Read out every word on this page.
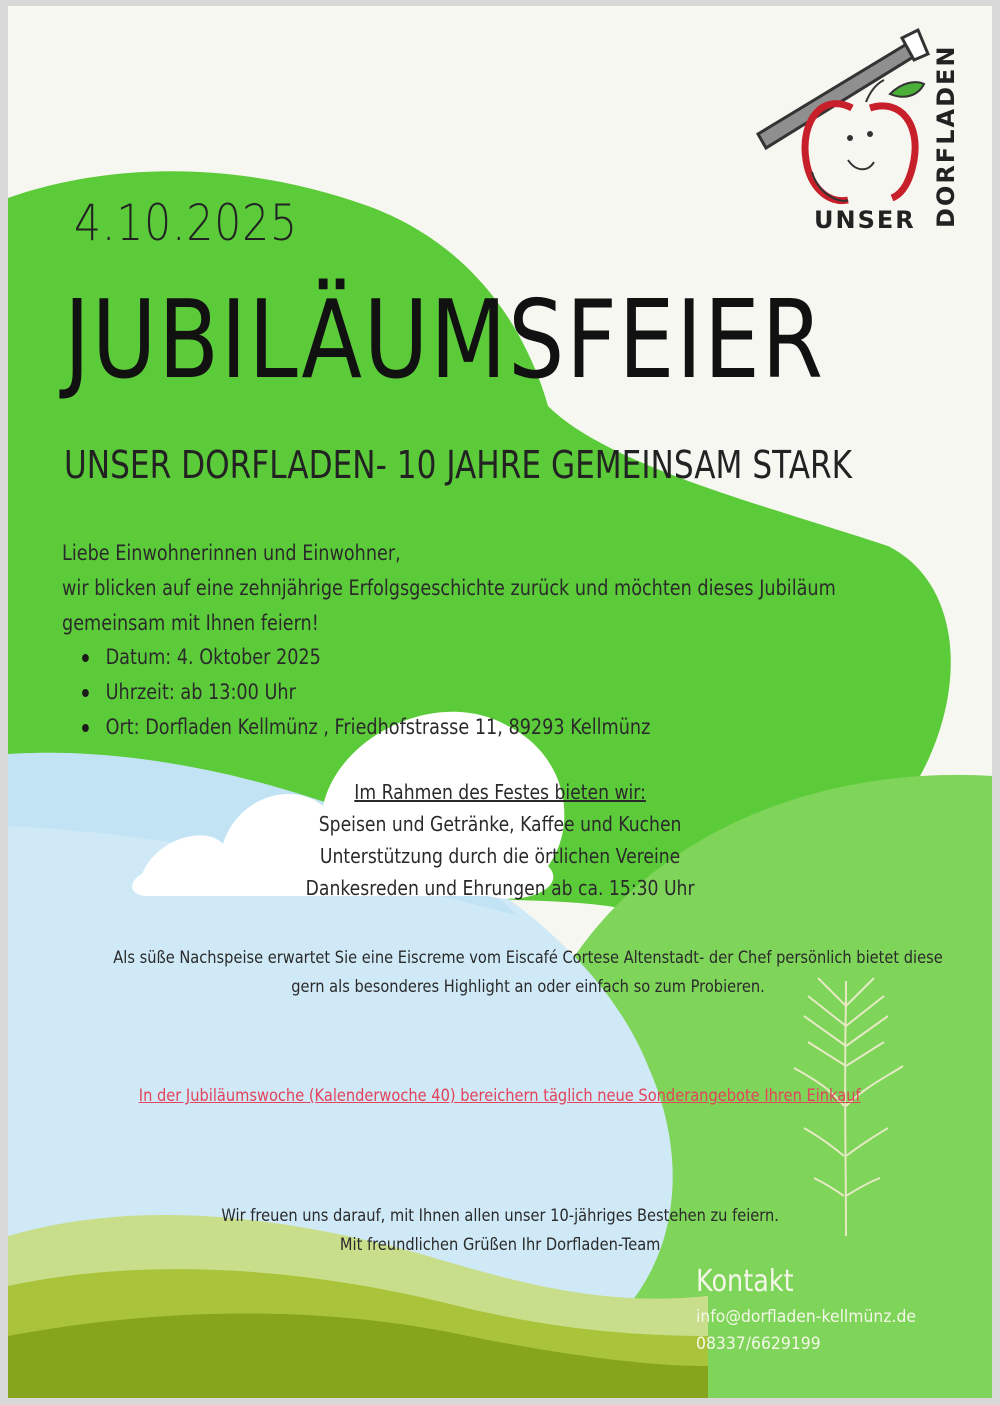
UNSER DORFLADEN
4.10.2025
JUBILÄUMSFEIER
UNSER DORFLADEN- 10 JAHRE GEMEINSAM STARK

Liebe Einwohnerinnen und Einwohner,

wir blicken auf eine zehnjährige Erfolgsgeschichte zurück und möchten dieses Jubiläum

gemeinsam mit Ihnen feiern!

Datum: 4. Oktober 2025
Uhrzeit: ab 13:00 Uhr
Ort: Dorfladen Kellmünz , Friedhofstrasse 11, 89293 Kellmünz
Im Rahmen des Festes bieten wir:
Speisen und Getränke, Kaffee und Kuchen
Unterstützung durch die örtlichen Vereine
Dankesreden und Ehrungen ab ca. 15:30 Uhr
Als süße Nachspeise erwartet Sie eine Eiscreme vom Eiscafé Cortese Altenstadt- der Chef persönlich bietet diese
gern als besonderes Highlight an oder einfach so zum Probieren.
In der Jubiläumswoche (Kalenderwoche 40) bereichern täglich neue Sonderangebote Ihren Einkauf
Wir freuen uns darauf, mit Ihnen allen unser 10-jähriges Bestehen zu feiern.
Mit freundlichen Grüßen Ihr Dorfladen-Team
Kontakt
info@dorfladen-kellmünz.de
08337/6629199
